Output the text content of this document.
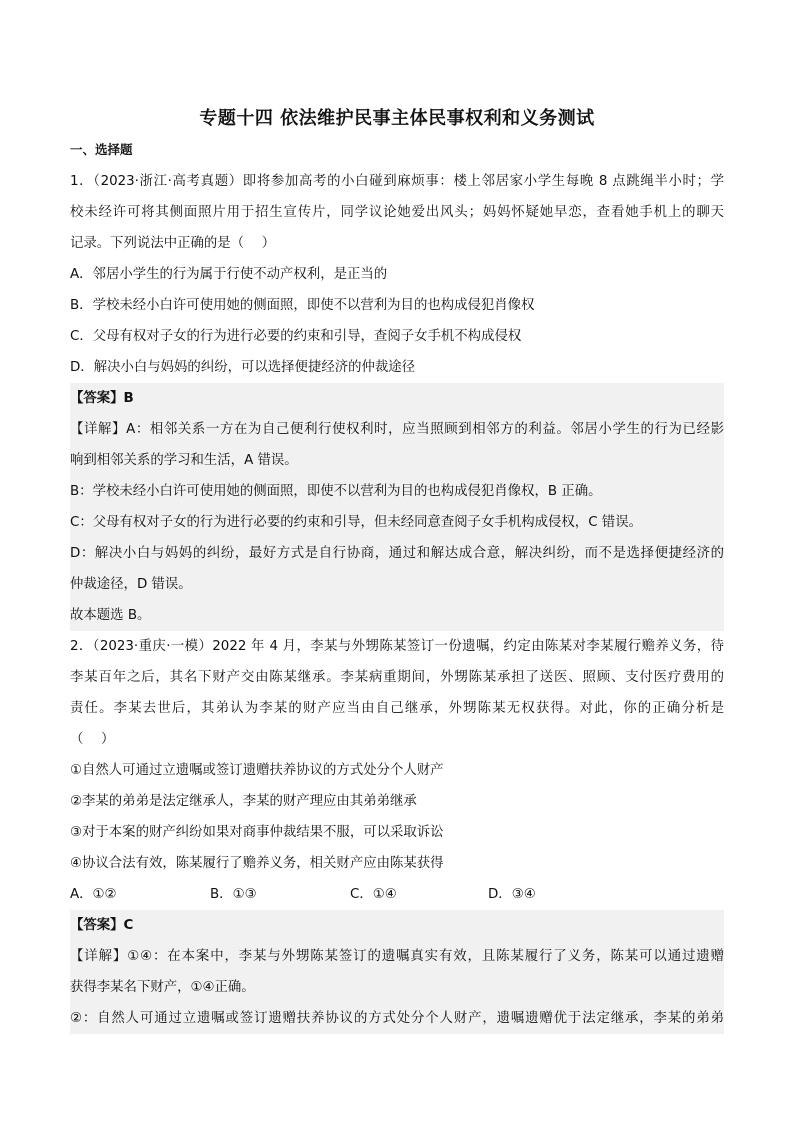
专题十四 依法维护民事主体民事权利和义务测试
一、选择题
1．（2023·浙江·高考真题）即将参加高考的小白碰到麻烦事：楼上邻居家小学生每晚 8 点跳绳半小时；学
校未经许可将其侧面照片用于招生宣传片，同学议论她爱出风头；妈妈怀疑她早恋，查看她手机上的聊天
记录。下列说法中正确的是（　 ）
A．邻居小学生的行为属于行使不动产权利，是正当的
B．学校未经小白许可使用她的侧面照，即使不以营利为目的也构成侵犯肖像权
C．父母有权对子女的行为进行必要的约束和引导，查阅子女手机不构成侵权
D．解决小白与妈妈的纠纷，可以选择便捷经济的仲裁途径
【答案】B
【详解】A：相邻关系一方在为自己便利行使权利时，应当照顾到相邻方的利益。邻居小学生的行为已经影
响到相邻关系的学习和生活，A 错误。
B：学校未经小白许可使用她的侧面照，即使不以营利为目的也构成侵犯肖像权，B 正确。
C：父母有权对子女的行为进行必要的约束和引导，但未经同意查阅子女手机构成侵权，C 错误。
D：解决小白与妈妈的纠纷，最好方式是自行协商，通过和解达成合意，解决纠纷，而不是选择便捷经济的
仲裁途径，D 错误。
故本题选 B。
2．（2023·重庆·一模）2022 年 4 月，李某与外甥陈某签订一份遗嘱，约定由陈某对李某履行赡养义务，待
李某百年之后，其名下财产交由陈某继承。李某病重期间，外甥陈某承担了送医、照顾、支付医疗费用的
责任。李某去世后，其弟认为李某的财产应当由自己继承，外甥陈某无权获得。对此，你的正确分析是
（　 ）
①自然人可通过立遗嘱或签订遗赠扶养协议的方式处分个人财产
②李某的弟弟是法定继承人，李某的财产理应由其弟弟继承
③对于本案的财产纠纷如果对商事仲裁结果不服，可以采取诉讼
④协议合法有效，陈某履行了赡养义务，相关财产应由陈某获得
A．①②	B．①③	C．①④	D．③④
【答案】C
【详解】①④：在本案中，李某与外甥陈某签订的遗嘱真实有效，且陈某履行了义务，陈某可以通过遗赠
获得李某名下财产，①④正确。
②：自然人可通过立遗嘱或签订遗赠扶养协议的方式处分个人财产，遗嘱遗赠优于法定继承，李某的弟弟
